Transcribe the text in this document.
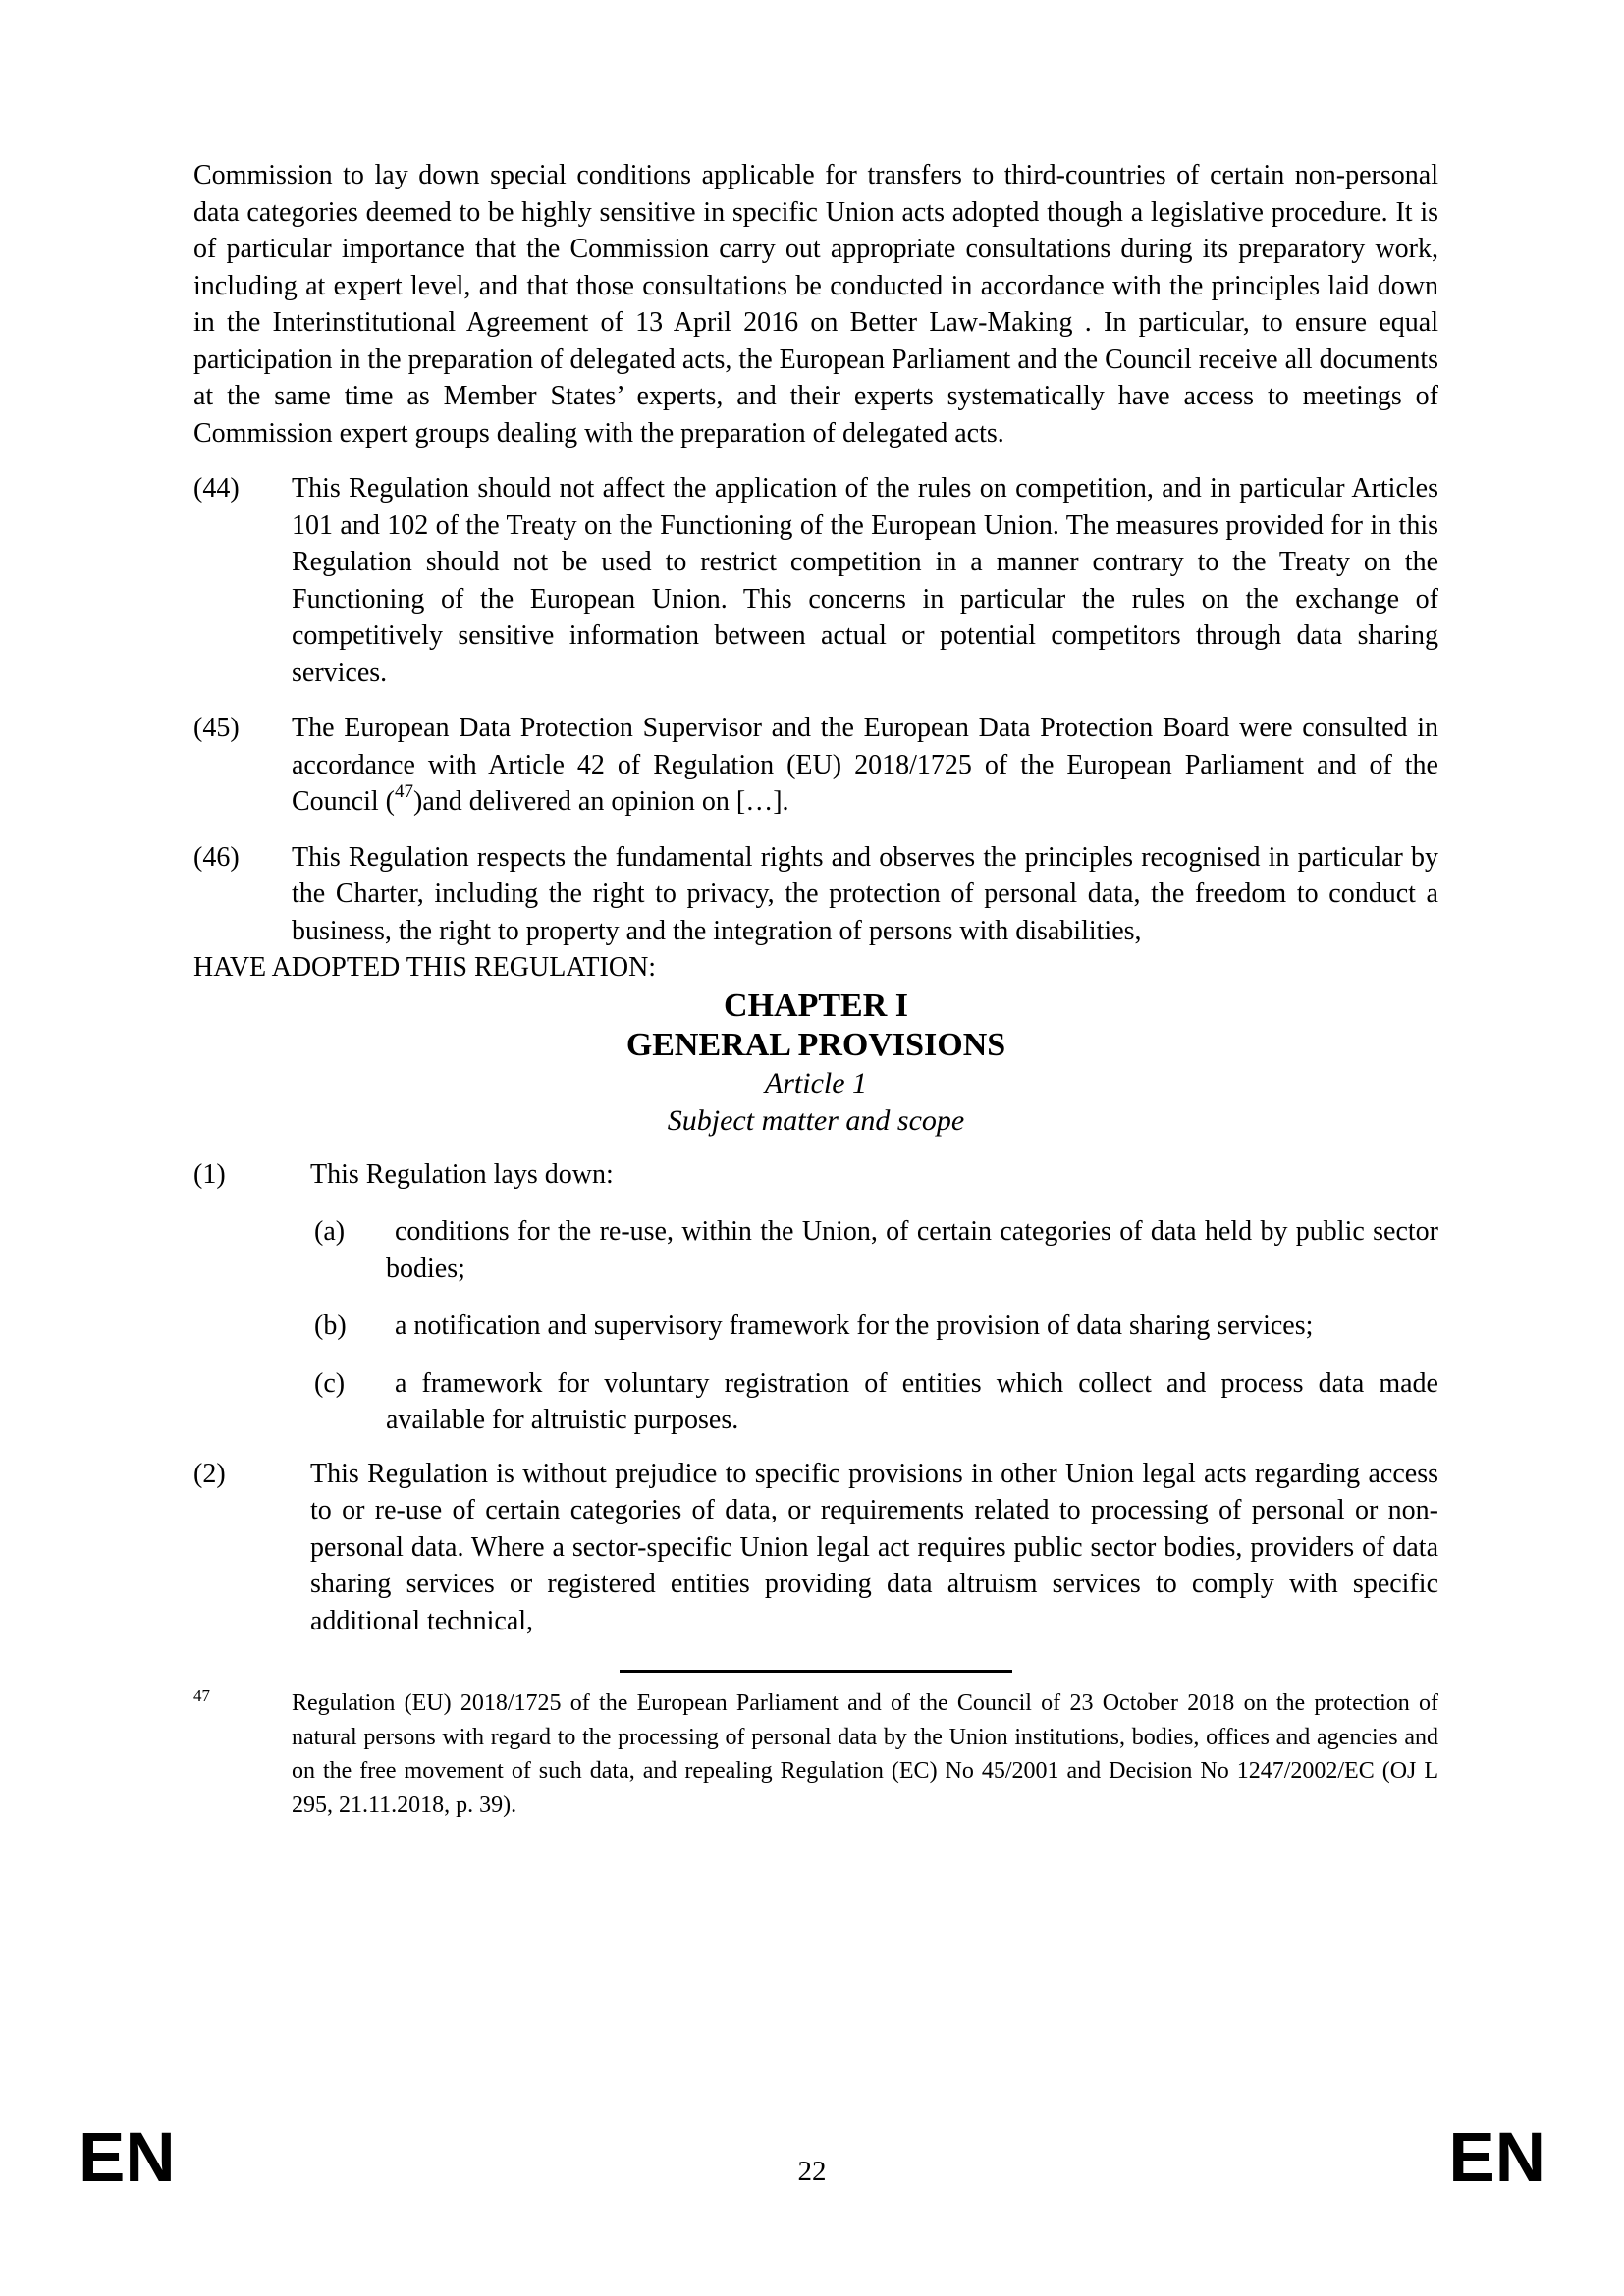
Commission to lay down special conditions applicable for transfers to third-countries of certain non-personal data categories deemed to be highly sensitive in specific Union acts adopted though a legislative procedure. It is of particular importance that the Commission carry out appropriate consultations during its preparatory work, including at expert level, and that those consultations be conducted in accordance with the principles laid down in the Interinstitutional Agreement of 13 April 2016 on Better Law-Making . In particular, to ensure equal participation in the preparation of delegated acts, the European Parliament and the Council receive all documents at the same time as Member States’ experts, and their experts systematically have access to meetings of Commission expert groups dealing with the preparation of delegated acts.

(44)	This Regulation should not affect the application of the rules on competition, and in particular Articles 101 and 102 of the Treaty on the Functioning of the European Union. The measures provided for in this Regulation should not be used to restrict competition in a manner contrary to the Treaty on the Functioning of the European Union. This concerns in particular the rules on the exchange of competitively sensitive information between actual or potential competitors through data sharing services.

(45)	The European Data Protection Supervisor and the European Data Protection Board were consulted in accordance with Article 42 of Regulation (EU) 2018/1725 of the European Parliament and of the Council ($^{47}$)and delivered an opinion on […].

(46)	This Regulation respects the fundamental rights and observes the principles recognised in particular by the Charter, including the right to privacy, the protection of personal data, the freedom to conduct a business, the right to property and the integration of persons with disabilities,

HAVE ADOPTED THIS REGULATION:

CHAPTER I

GENERAL PROVISIONS

Article 1

Subject matter and scope

(1)	This Regulation lays down:

(a)	conditions for the re-use, within the Union, of certain categories of data held by public sector bodies;

(b)	a notification and supervisory framework for the provision of data sharing services;

(c)	a framework for voluntary registration of entities which collect and process data made available for altruistic purposes.

(2)	This Regulation is without prejudice to specific provisions in other Union legal acts regarding access to or re-use of certain categories of data, or requirements related to processing of personal or non-personal data. Where a sector-specific Union legal act requires public sector bodies, providers of data sharing services or registered entities providing data altruism services to comply with specific additional technical,

47	Regulation (EU) 2018/1725 of the European Parliament and of the Council of 23 October 2018 on the protection of natural persons with regard to the processing of personal data by the Union institutions, bodies, offices and agencies and on the free movement of such data, and repealing Regulation (EC) No 45/2001 and Decision No 1247/2002/EC (OJ L 295, 21.11.2018, p. 39).

EN	22	EN
